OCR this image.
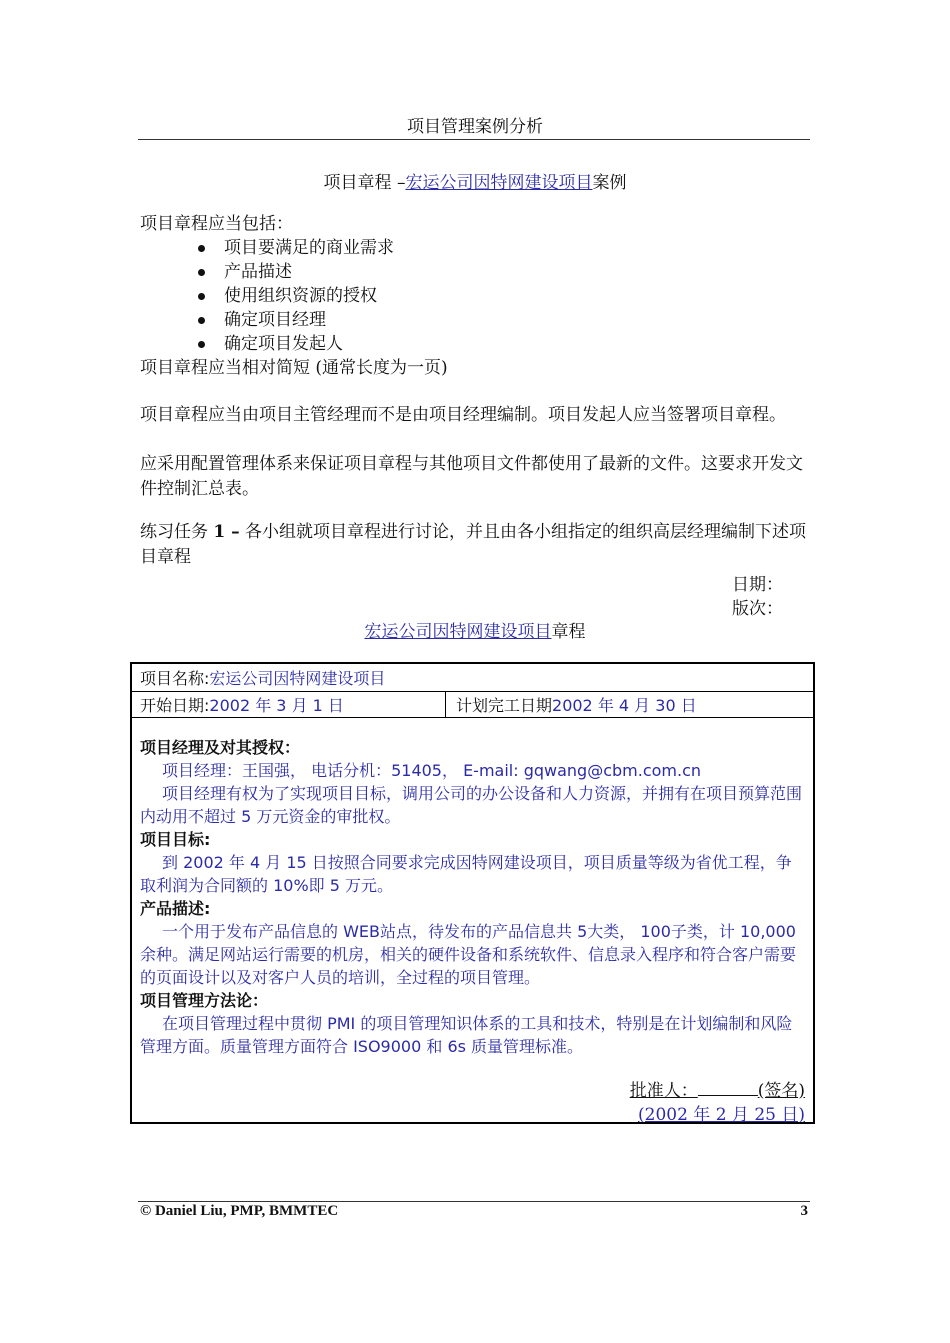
项目管理案例分析
项目章程 –宏运公司因特网建设项目案例
项目章程应当包括：
项目要满足的商业需求
产品描述
使用组织资源的授权
确定项目经理
确定项目发起人
项目章程应当相对简短 (通常长度为一页)
项目章程应当由项目主管经理而不是由项目经理编制。项目发起人应当签署项目章程。
应采用配置管理体系来保证项目章程与其他项目文件都使用了最新的文件。这要求开发文件控制汇总表。
练习任务 1 – 各小组就项目章程进行讨论，并且由各小组指定的组织高层经理编制下述项目章程
日期：
版次：
宏运公司因特网建设项目章程
项目名称:宏运公司因特网建设项目
开始日期:2002 年 3 月 1 日	计划完工日期2002 年 4 月 30 日
项目经理及对其授权：

项目经理：王国强， 电话分机：51405， E-mail: gqwang@cbm.com.cn

项目经理有权为了实现项目目标，调用公司的办公设备和人力资源，并拥有在项目预算范围内动用不超过 5 万元资金的审批权。

项目目标:
到 2002 年 4 月 15 日按照合同要求完成因特网建设项目，项目质量等级为省优工程，争取利润为合同额的 10%即 5 万元。
产品描述:
一个用于发布产品信息的 WEB站点，待发布的产品信息共 5大类， 100子类，计 10,000余种。满足网站运行需要的机房，相关的硬件设备和系统软件、信息录入程序和符合客户需要的页面设计以及对客户人员的培训，全过程的项目管理。
项目管理方法论：
在项目管理过程中贯彻 PMI 的项目管理知识体系的工具和技术，特别是在计划编制和风险管理方面。质量管理方面符合 ISO9000 和 6s 质量管理标准。
批准人：	(签名)
(2002 年 2 月 25 日)
© Daniel Liu, PMP, BMMTEC	3
